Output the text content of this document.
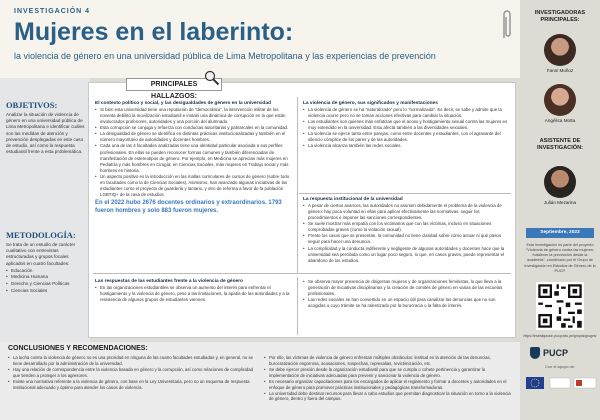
INVESTIGACIÓN 4
Mujeres en el laberinto:
la violencia de género en una universidad pública de Lima Metropolitana y las experiencias de prevención
OBJETIVOS:

Analizar la situación de violencia de género en una universidad pública de Lima Metropolitana e identificar cuáles son las medidas de atención y prevención desplegadas en este caso de estudio, así como la respuesta estudiantil frente a esta problemática.

METODOLOGÍA:

Se trata de un estudio de carácter cualitativo con entrevistas estructuradas y grupos focales aplicados en cuatro facultades:

• Educación
• Medicina Humana
• Derecho y Ciencias Políticas
• Ciencias Sociales
El contexto político y social, y las desigualdades de género en la universidad
• Si bien esta universidad tiene una reputación de “democrática”, la intervención militar de los noventa debilitó la movilización estudiantil e instaló una dinámica de corrupción en la que están involucrados profesores, autoridades y una porción del alumnado.
• Esta corrupción se conjuga y refuerza con conductas autoritarias y patriarcales en la comunidad.
• La desigualdad de género se identifica en distintas prácticas institucionalizadas y también en el número mayoritario de autoridades y docentes hombres.
• Cada una de las 4 facultades analizadas tiene una identidad particular asociada a sus perfiles profesionales. En ellas se pueden reconocer formas comunes y también diferenciadas de manifestación de estereotipos de género. Por ejemplo, en Medicina se aprecian más mujeres en Pediatría y más hombres en Cirugía; en Ciencias Sociales, más mujeres en Trabajo social y más hombres en historia.
• Un aspecto positivo es la introducción en las mallas curriculares de cursos de género (sobre todo en facultades como la de Ciencias Sociales). Asimismo, han avanzado algunas iniciativas de las estudiantes como el proyecto de guardería y lactario, y otro de reforma a favor de la población LGBTIQ+ de la casa de estudios.
En el 2022 hubo 2676 docentes ordinarios y extraordinarios. 1793 fueron hombres y solo 883 fueron mujeres.
La violencia de género, sus significados y manifestaciones
• La violencia de género se ha “naturalizado” pero lo “normalizada”. Es decir, se sabe y admite que la violencia ocurre pero no se toman acciones efectivas para cambiar la situación.
• Los estudiantes son quienes más enfatizan que el acoso y hostigamiento sexual contra las mujeres es muy extendido en la universidad. Esto afecta también a las diversidades sexuales.
• La violencia se ejerce tanto entre parejas, como entre docentes y estudiantes, con el agravante del silencio cómplice de los pares y de las autoridades.
• La violencia alcanza también las redes sociales.
La respuesta institucional de la universidad
• A pesar de ciertos avances, las autoridades no asumen debidamente el problema de la violencia de género: hay poca voluntad en ellas para aplicar efectivamente las normativas, seguir los procedimientos e imponer las sanciones correspondientes.
• Se suele mostrar más empatía con los victimarios que con las víctimas, incluso en situaciones comprobadas graves (como la violación sexual).
• Frente los casos que se presentan, la comunidad no tiene claridad sobre cómo actuar ni qué pasos seguir para hacer una denuncia.
• La complicidad y la conducta indiferente y negligente de algunas autoridades y docentes hace que la universidad sea percibida como un lugar poco seguro, lo que, en casos graves, puede representar el abandono de los estudios.
Las respuestas de las estudiantes frente a la violencia de género
• En las organizaciones estudiantiles se observa un aumento del interés para enfrentar el hostigamiento y la violencia de género, pese a las limitaciones, la apatía de las autoridades y a la resistencia de algunos grupos de estudiantes varones.
• Se observa mayor presencia de dirigentas mujeres y de organizaciones feministas, lo que lleva a la generación de iniciativas disciplinarias y la creación de comités de género en varias de las escuelas profesionales.
• Las redes sociales se han convertido en un espacio útil para canalizar las denuncias que no son acogidas o cuyo trámite se ha ralentizado por la burocracia o la falta de interés.
PRINCIPALES HALLAZGOS:
CONCLUSIONES Y RECOMENDACIONES:
• La lucha contra la violencia de género no es una prioridad en ninguna de las cuatro facultades estudiadas y, en general, no se tiene desarrollado por la administración de la universidad.
• Hay una relación de correspondencia entre la violencia basada en género y la corrupción, así como relaciones de complicidad que tienden a proteger a los agresores.
• Existe una normativa referente a la violencia de género, con base en la Ley Universitaria, pero no un esquema de respuesta institucional adecuado y óptimo para atender los casos de violencia.
• Por ello, las víctimas de violencia de género enfrentan múltiples obstáculos: lentitud en la atención de las denuncias, burocratización engorrosa, acusaciones, sospechas, represalias, revictimización, etc.
• Se debe ejercer presión desde la organización estudiantil para que se cumpla o cohete pertinencia y garantizar la implementación de iniciativas adecuadas para prevenir y sancionar la violencia de género.
• Es necesario organizar capacitaciones para los encargados de aplicar el reglamento y formar a docentes y autoridades en el enfoque de género para promover prácticas institucionales y pedagógicas transformadoras.
• La universidad debe destinar recursos para llevar a cabo estudios que permitan diagnosticar la situación en torno a la violencia de género, dentro y fuera del campus.
INVESTIGADORAS PRINCIPALES:
Fanni Muñoz
Angélica Motta
ASISTENTE DE INVESTIGACIÓN:
Julián Mezarina
Septiembre, 2023
Esta investigación es parte del proyecto “Violencia de género contra las mujeres: fortalecer la prevención desde la academia”, coordinado por el Grupo de Investigación en Estudios de Género de la PUCP.
https://investigacion.pucp.edu.pe/grupos/gruges/
PUCP
Con el apoyo de:
